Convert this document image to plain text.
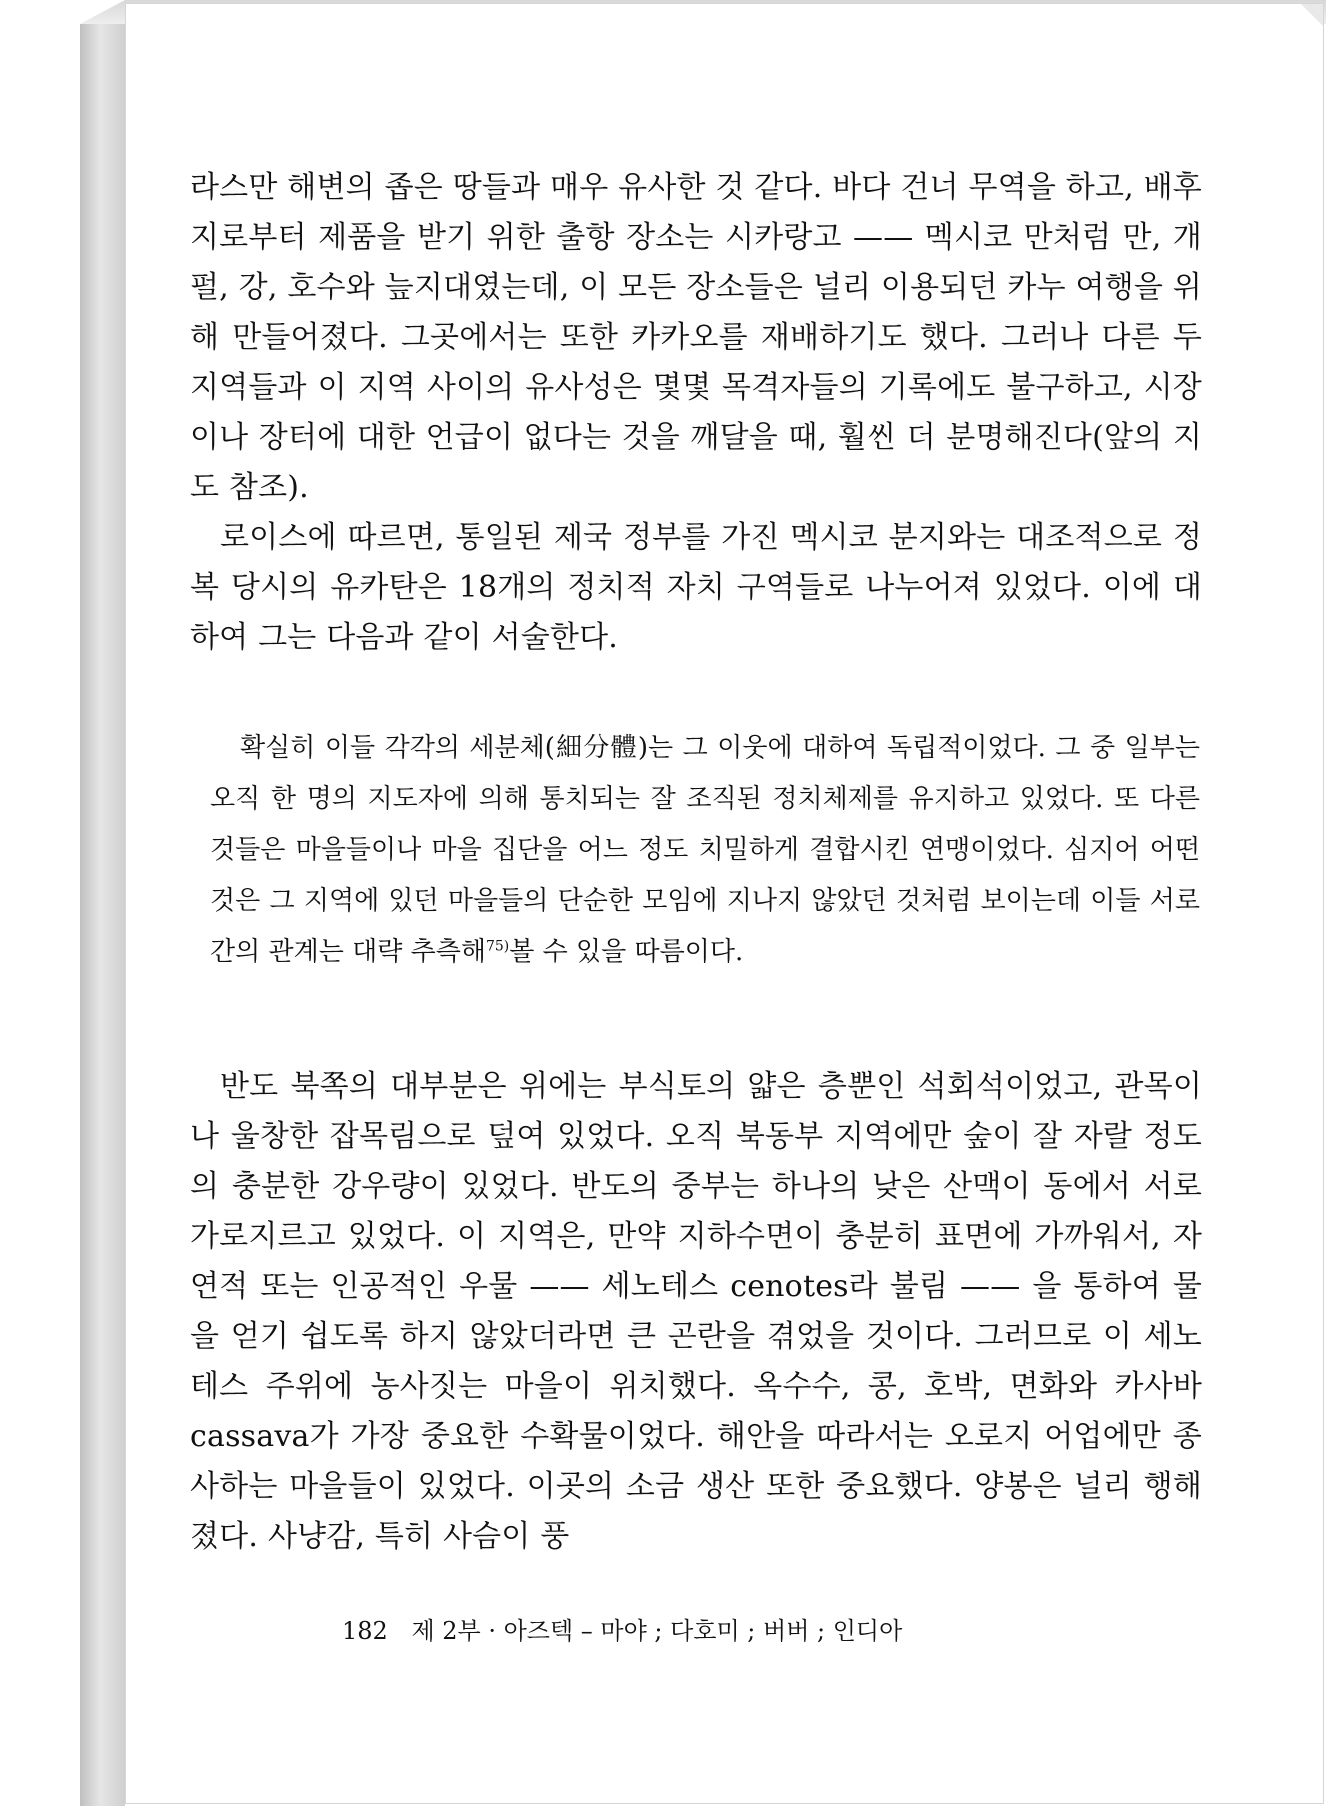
라스만 해변의 좁은 땅들과 매우 유사한 것 같다. 바다 건너 무역을 하고, 배후지로부터 제품을 받기 위한 출항 장소는 시카랑고 —— 멕시코 만처럼 만, 개펄, 강, 호수와 늪지대였는데, 이 모든 장소들은 널리 이용되던 카누 여행을 위해 만들어졌다. 그곳에서는 또한 카카오를 재배하기도 했다. 그러나 다른 두 지역들과 이 지역 사이의 유사성은 몇몇 목격자들의 기록에도 불구하고, 시장이나 장터에 대한 언급이 없다는 것을 깨달을 때, 훨씬 더 분명해진다(앞의 지도 참조).

로이스에 따르면, 통일된 제국 정부를 가진 멕시코 분지와는 대조적으로 정복 당시의 유카탄은 18개의 정치적 자치 구역들로 나누어져 있었다. 이에 대하여 그는 다음과 같이 서술한다.

확실히 이들 각각의 세분체(細分體)는 그 이웃에 대하여 독립적이었다. 그 중 일부는 오직 한 명의 지도자에 의해 통치되는 잘 조직된 정치체제를 유지하고 있었다. 또 다른 것들은 마을들이나 마을 집단을 어느 정도 치밀하게 결합시킨 연맹이었다. 심지어 어떤 것은 그 지역에 있던 마을들의 단순한 모임에 지나지 않았던 것처럼 보이는데 이들 서로간의 관계는 대략 추측해$^{75)}$볼 수 있을 따름이다.

반도 북쪽의 대부분은 위에는 부식토의 얇은 층뿐인 석회석이었고, 관목이나 울창한 잡목림으로 덮여 있었다. 오직 북동부 지역에만 숲이 잘 자랄 정도의 충분한 강우량이 있었다. 반도의 중부는 하나의 낮은 산맥이 동에서 서로 가로지르고 있었다. 이 지역은, 만약 지하수면이 충분히 표면에 가까워서, 자연적 또는 인공적인 우물 —— 세노테스 cenotes라 불림 —— 을 통하여 물을 얻기 쉽도록 하지 않았더라면 큰 곤란을 겪었을 것이다. 그러므로 이 세노테스 주위에 농사짓는 마을이 위치했다. 옥수수, 콩, 호박, 면화와 카사바 cassava가 가장 중요한 수확물이었다. 해안을 따라서는 오로지 어업에만 종사하는 마을들이 있었다. 이곳의 소금 생산 또한 중요했다. 양봉은 널리 행해졌다. 사냥감, 특히 사슴이 풍

182 제 2부 · 아즈텍 – 마야 ; 다호미 ; 버버 ; 인디아
